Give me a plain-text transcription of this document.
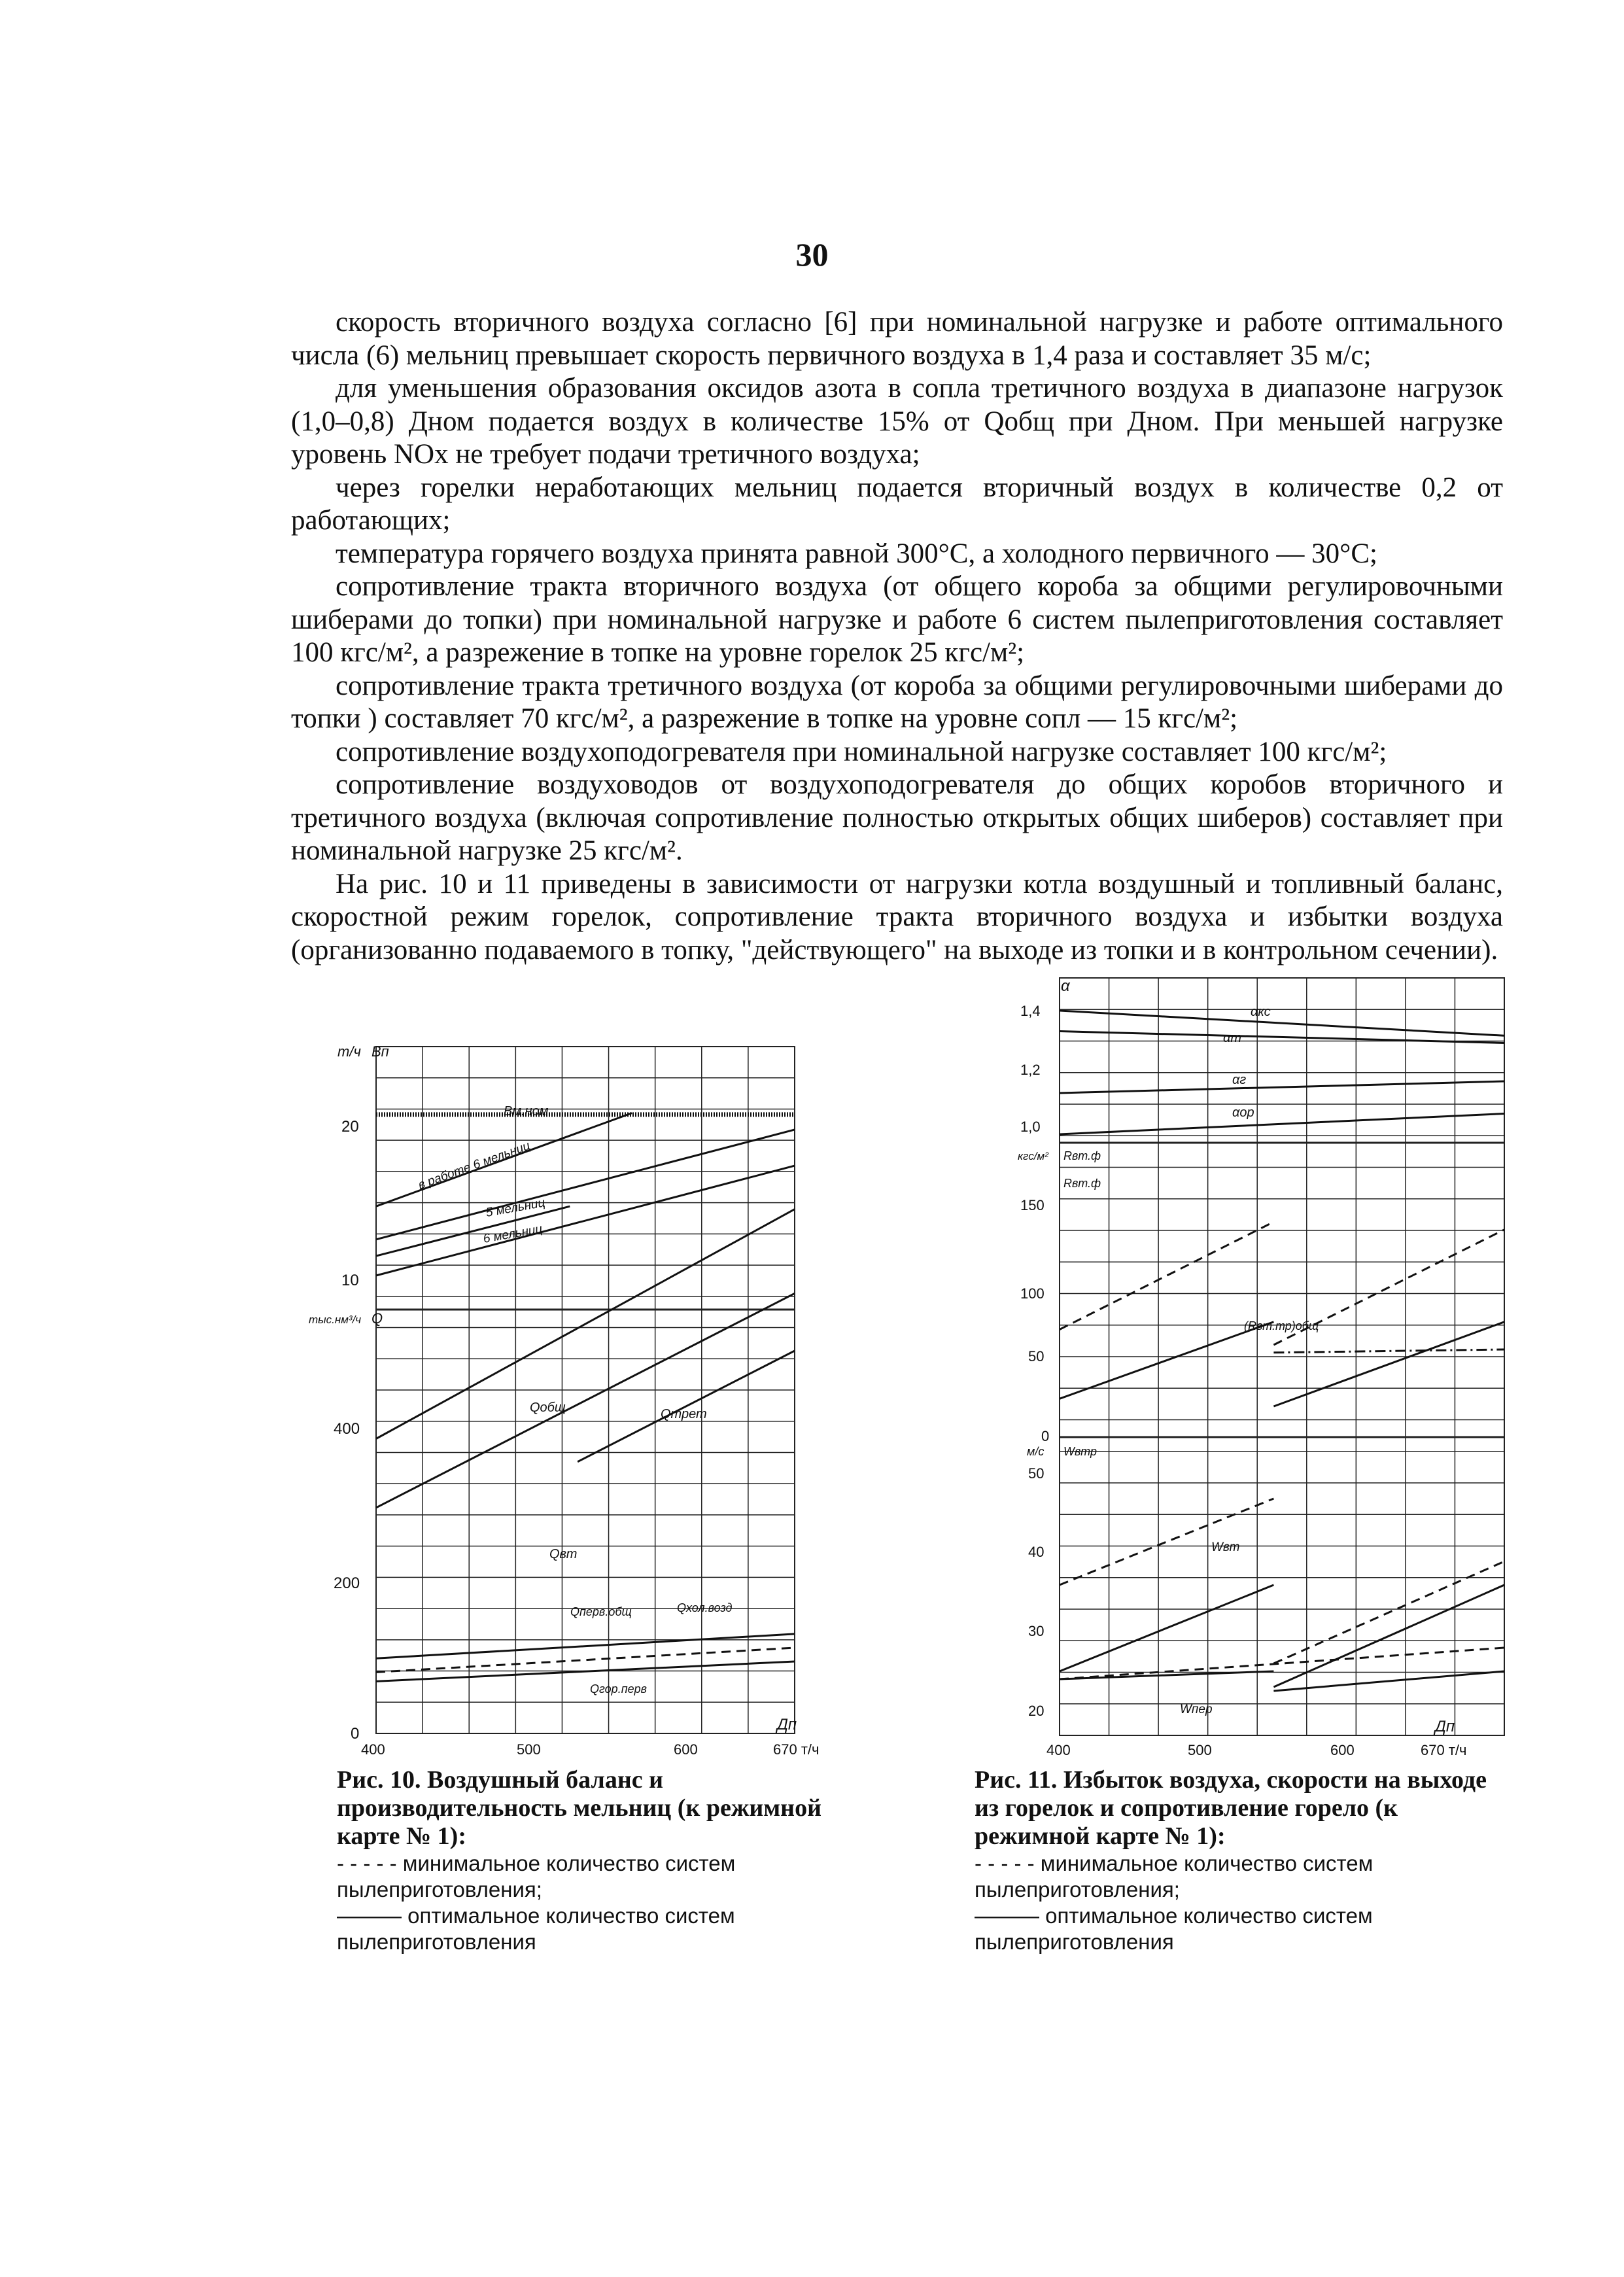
30

скорость вторичного воздуха согласно [6] при номинальной нагрузке и работе оптимального числа (6) мельниц превышает скорость первичного воздуха в 1,4 раза и составляет 35 м/с;

для уменьшения образования оксидов азота в сопла третичного воздуха в диапазоне нагрузок (1,0–0,8) Дном подается воздух в количестве 15% от Qобщ при Дном. При меньшей нагрузке уровень NOx не требует подачи третичного воздуха;

через горелки неработающих мельниц подается вторичный воздух в количестве 0,2 от работающих;

температура горячего воздуха принята равной 300°С, а холодного первичного — 30°С;

сопротивление тракта вторичного воздуха (от общего короба за общими регулировочными шиберами до топки) при номинальной нагрузке и работе 6 систем пылеприготовления составляет 100 кгс/м², а разрежение в топке на уровне горелок 25 кгс/м²;

сопротивление тракта третичного воздуха (от короба за общими регулировочными шиберами до топки ) составляет 70 кгс/м², а разрежение в топке на уровне сопл — 15 кгс/м²;

сопротивление воздухоподогревателя при номинальной нагрузке составляет 100 кгс/м²;

сопротивление воздуховодов от воздухоподогревателя до общих коробов вторичного и третичного воздуха (включая сопротивление полностью открытых общих шиберов) составляет при номинальной нагрузке 25 кгс/м².

На рис. 10 и 11 приведены в зависимости от нагрузки котла воздушный и топливный баланс, скоростной режим горелок, сопротивление тракта вторичного воздуха и избытки воздуха (организованно подаваемого в топку, "действующего" на выходе из топки и в контрольном сечении).

т/ч Вп
20
10
тыс.нм³/ч Q
400
200
0
400	500	600	670 т/ч
Дп
Вм.ном
в работе 6 мельниц
5 мельниц
6 мельниц
Qобщ	Qтрет
Qвт
Qперв.общ	Qхол.возд
Qгор.перв
Рис. 10. Воздушный баланс и производительность мельниц (к режимной карте № 1):
- - - - - минимальное количество систем пылеприготовления;
——— оптимальное количество систем пылеприготовления
α
1,4
1,2
1,0
αкс
αт
αг
αор
кгс/м² Rвт.ф
Rвт.ф
150
100
50
0
(Rвт.тр)общ
м/с Wвтр
50
40
30
20
Wвт
Wпер
Дп
400	500	600	670 т/ч
Рис. 11. Избыток воздуха, скорости на выходе из горелок и сопротивление горело (к режимной карте № 1):
- - - - - минимальное количество систем пылеприготовления;
——— оптимальное количество систем пылеприготовления
